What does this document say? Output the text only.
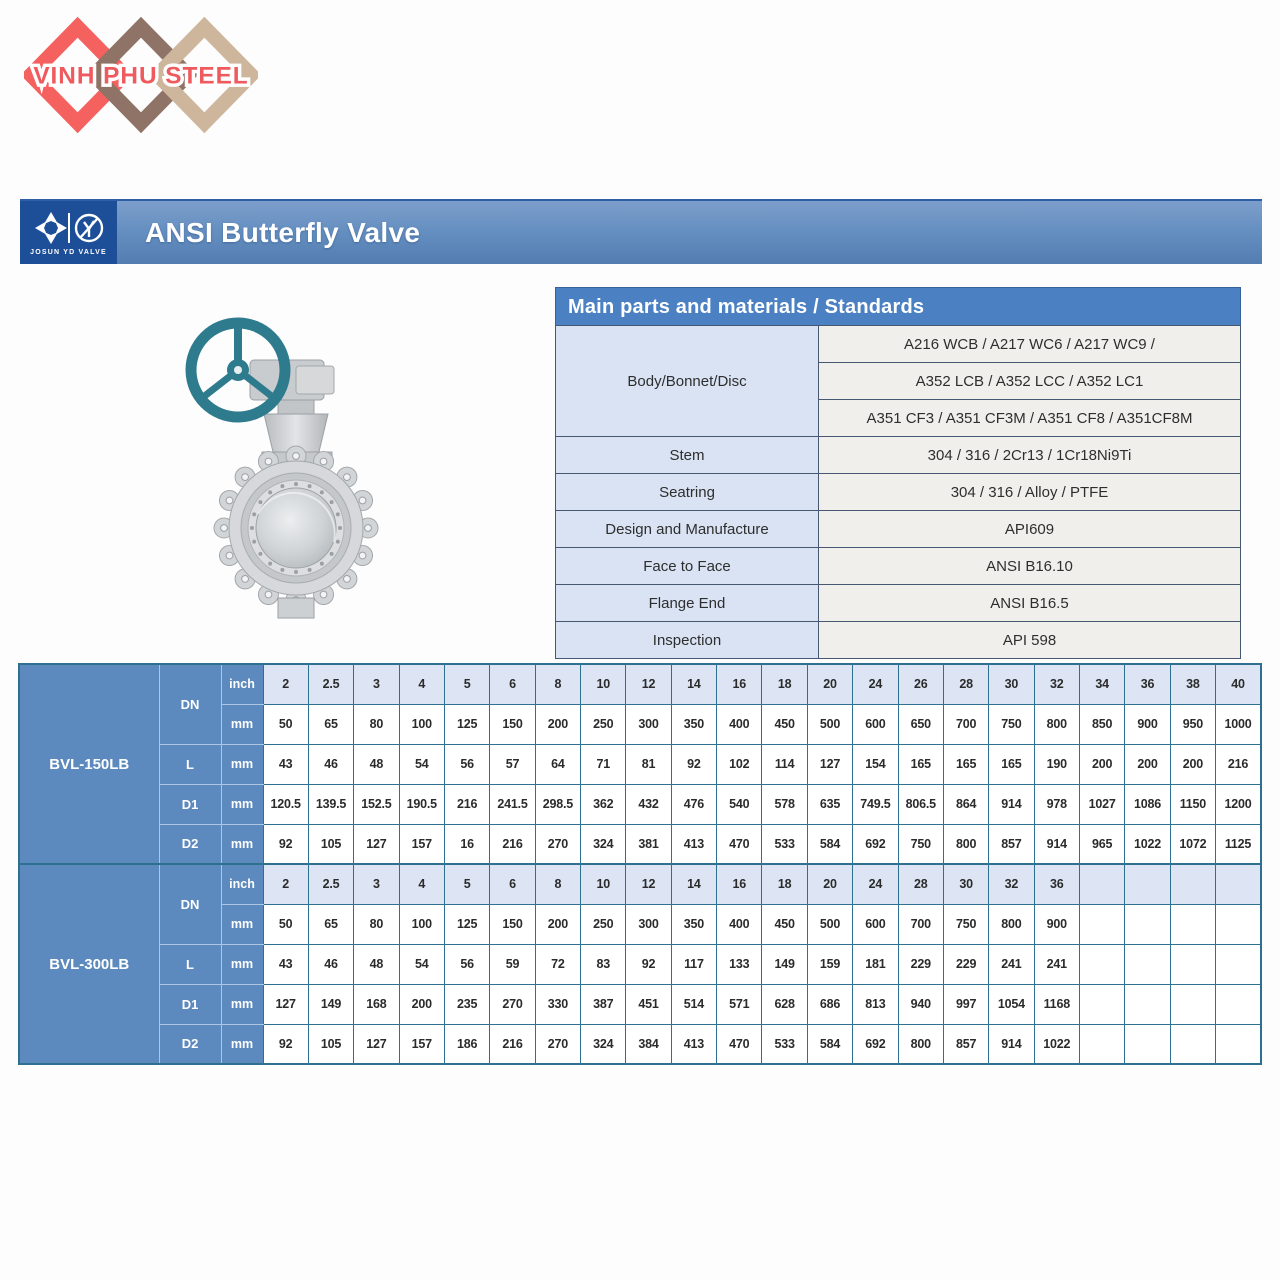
VINH PHU STEEL
JOSUN YD VALVE
ANSI Butterfly Valve
Main parts and materials / Standards
Body/Bonnet/Disc	A216 WCB / A217 WC6 / A217 WC9 /
	A352 LCB / A352 LCC / A352 LC1
	A351 CF3 / A351 CF3M / A351 CF8 / A351CF8M
Stem	304 / 316 / 2Cr13 / 1Cr18Ni9Ti
Seatring	304 / 316 / Alloy / PTFE
Design and Manufacture	API609
Face to Face	ANSI B16.10
Flange End	ANSI B16.5
Inspection	API 598
BVL-150LB	DN	inch	2	2.5	3	4	5	6	8	10	12	14	16	18	20	24	26	28	30	32	34	36	38	40
		mm	50	65	80	100	125	150	200	250	300	350	400	450	500	600	650	700	750	800	850	900	950	1000
	L	mm	43	46	48	54	56	57	64	71	81	92	102	114	127	154	165	165	165	190	200	200	200	216
	D1	mm	120.5	139.5	152.5	190.5	216	241.5	298.5	362	432	476	540	578	635	749.5	806.5	864	914	978	1027	1086	1150	1200
	D2	mm	92	105	127	157	16	216	270	324	381	413	470	533	584	692	750	800	857	914	965	1022	1072	1125
BVL-300LB	DN	inch	2	2.5	3	4	5	6	8	10	12	14	16	18	20	24	28	30	32	36				
		mm	50	65	80	100	125	150	200	250	300	350	400	450	500	600	700	750	800	900				
	L	mm	43	46	48	54	56	59	72	83	92	117	133	149	159	181	229	229	241	241				
	D1	mm	127	149	168	200	235	270	330	387	451	514	571	628	686	813	940	997	1054	1168				
	D2	mm	92	105	127	157	186	216	270	324	384	413	470	533	584	692	800	857	914	1022				
